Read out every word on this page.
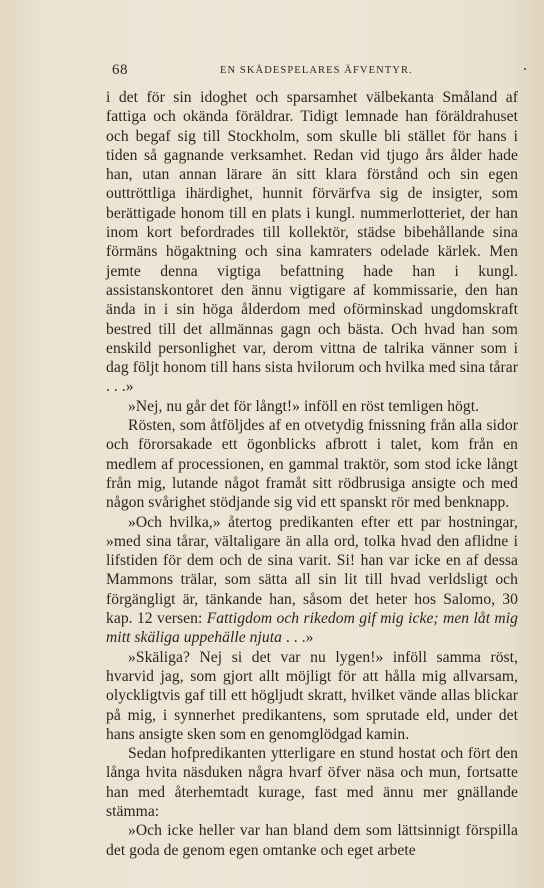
68	EN SKÅDESPELARES ÄFVENTYR.

i det för sin idoghet och sparsamhet välbekanta Småland af fattiga och okända föräldrar. Tidigt lemnade han föräldrahuset och begaf sig till Stockholm, som skulle bli stället för hans i tiden så gagnande verksamhet. Redan vid tjugo års ålder hade han, utan annan lärare än sitt klara förstånd och sin egen outtröttliga ihärdighet, hunnit förvärfva sig de insigter, som berättigade honom till en plats i kungl. nummerlotteriet, der han inom kort befordrades till kollektör, städse bibehållande sina förmäns högaktning och sina kamraters odelade kärlek. Men jemte denna vigtiga befattning hade han i kungl. assistanskontoret den ännu vigtigare af kommissarie, den han ända in i sin höga ålderdom med oförminskad ungdomskraft bestred till det allmännas gagn och bästa. Och hvad han som enskild personlighet var, derom vittna de talrika vänner som i dag följt honom till hans sista hvilorum och hvilka med sina tårar . . .»

»Nej, nu går det för långt!» inföll en röst temligen högt.

Rösten, som åtföljdes af en otvetydig fnissning från alla sidor och förorsakade ett ögonblicks afbrott i talet, kom från en medlem af processionen, en gammal traktör, som stod icke långt från mig, lutande något framåt sitt rödbrusiga ansigte och med någon svårighet stödjande sig vid ett spanskt rör med benknapp.

»Och hvilka,» återtog predikanten efter ett par hostningar, »med sina tårar, vältaligare än alla ord, tolka hvad den aflidne i lifstiden för dem och de sina varit. Si! han var icke en af dessa Mammons trälar, som sätta all sin lit till hvad verldsligt och förgängligt är, tänkande han, såsom det heter hos Salomo, 30 kap. 12 versen: Fattigdom och rikedom gif mig icke; men låt mig mitt skäliga uppehälle njuta . . .»

»Skäliga? Nej si det var nu lygen!» inföll samma röst, hvarvid jag, som gjort allt möjligt för att hålla mig allvarsam, olyckligtvis gaf till ett högljudt skratt, hvilket vände allas blickar på mig, i synnerhet predikantens, som sprutade eld, under det hans ansigte sken som en genomglödgad kamin.

Sedan hofpredikanten ytterligare en stund hostat och fört den långa hvita näsduken några hvarf öfver näsa och mun, fortsatte han med återhemtadt kurage, fast med ännu mer gnällande stämma:

»Och icke heller var han bland dem som lättsinnigt förspilla det goda de genom egen omtanke och eget arbete
